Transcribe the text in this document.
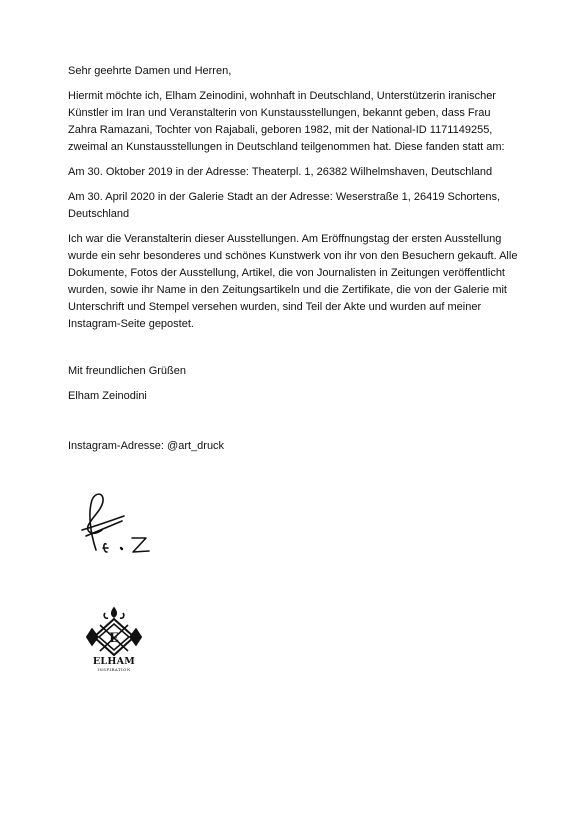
Sehr geehrte Damen und Herren,

Hiermit möchte ich, Elham Zeinodini, wohnhaft in Deutschland, Unterstützerin iranischer Künstler im Iran und Veranstalterin von Kunstausstellungen, bekannt geben, dass Frau Zahra Ramazani, Tochter von Rajabali, geboren 1982, mit der National-ID 1171149255, zweimal an Kunstausstellungen in Deutschland teilgenommen hat. Diese fanden statt am:

Am 30. Oktober 2019 in der Adresse: Theaterpl. 1, 26382 Wilhelmshaven, Deutschland

Am 30. April 2020 in der Galerie Stadt an der Adresse: Weserstraße 1, 26419 Schortens, Deutschland

Ich war die Veranstalterin dieser Ausstellungen. Am Eröffnungstag der ersten Ausstellung wurde ein sehr besonderes und schönes Kunstwerk von ihr von den Besuchern gekauft. Alle Dokumente, Fotos der Ausstellung, Artikel, die von Journalisten in Zeitungen veröffentlicht wurden, sowie ihr Name in den Zeitungsartikeln und die Zertifikate, die von der Galerie mit Unterschrift und Stempel versehen wurden, sind Teil der Akte und wurden auf meiner Instagram-Seite gepostet.

Mit freundlichen Grüßen

Elham Zeinodini

Instagram-Adresse: @art_druck

E
ELHAM
INSPIRATION
